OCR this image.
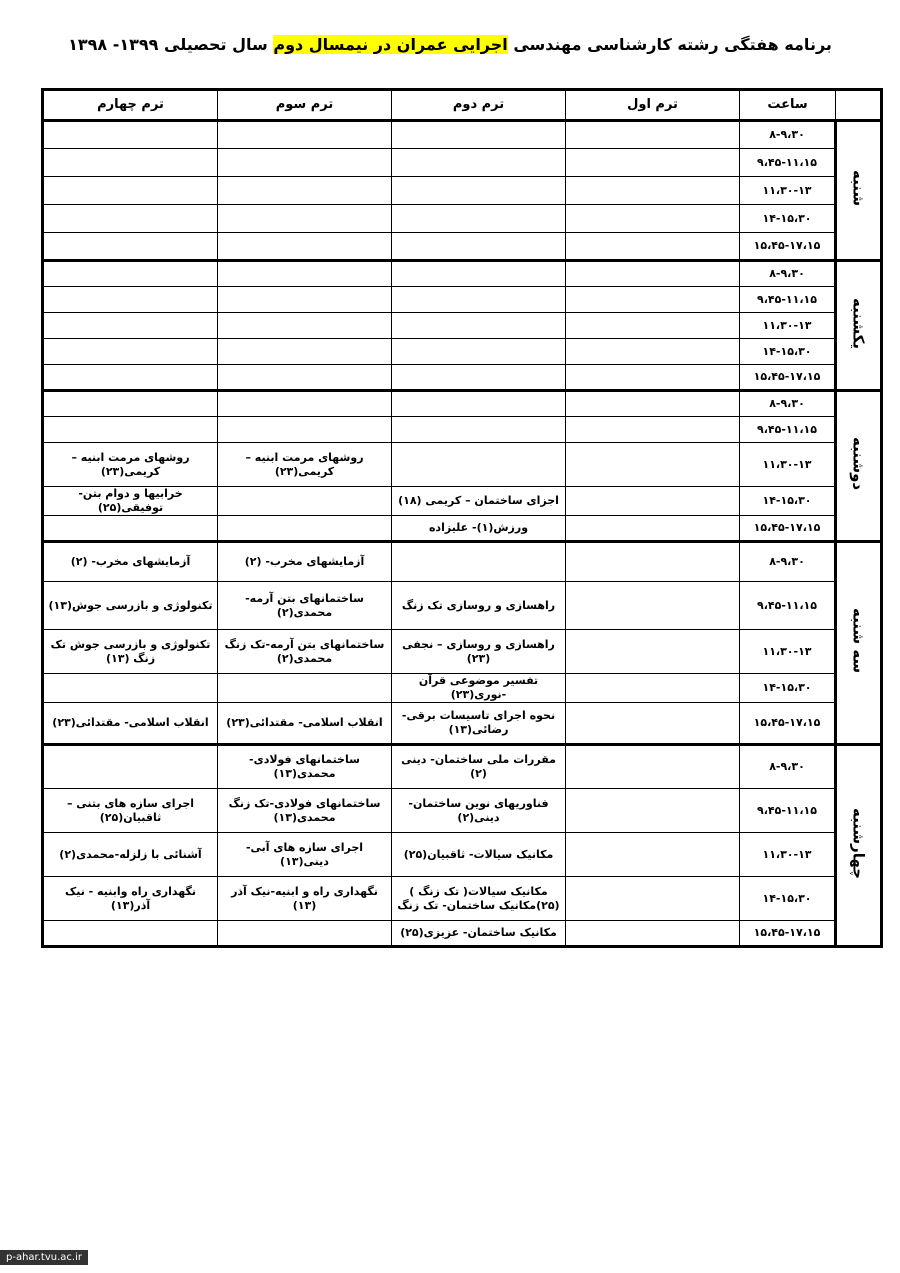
برنامه هفتگی رشته کارشناسی مهندسی اجرایی عمران در نیمسال دوم سال تحصیلی ۱۳۹۹- ۱۳۹۸
	ساعت	ترم اول	ترم دوم	ترم سوم	ترم چهارم
شنبه	۸-۹،۳۰				
	۹،۴۵-۱۱،۱۵				
	۱۱،۳۰-۱۳				
	۱۴-۱۵،۳۰				
	۱۵،۴۵-۱۷،۱۵				
یکشنبه	۸-۹،۳۰				
	۹،۴۵-۱۱،۱۵				
	۱۱،۳۰-۱۳				
	۱۴-۱۵،۳۰				
	۱۵،۴۵-۱۷،۱۵				
دوشنبه	۸-۹،۳۰				
	۹،۴۵-۱۱،۱۵				
	۱۱،۳۰-۱۳			روشهای مرمت ابنیه – کریمی(۲۳)	روشهای مرمت ابنیه – کریمی(۲۳)
	۱۴-۱۵،۳۰		اجزای ساختمان – کریمی (۱۸)		خرابیها و دوام بتن-توفیقی(۲۵)
	۱۵،۴۵-۱۷،۱۵		ورزش(۱)- علیزاده		
سه شنبه	۸-۹،۳۰			آزمایشهای مخرب- (۲)	آزمایشهای مخرب- (۲)
	۹،۴۵-۱۱،۱۵		راهسازی و روسازی تک زنگ	ساختمانهای بتن آرمه- محمدی(۲)	تکنولوژی و بازرسی جوش(۱۳)
	۱۱،۳۰-۱۳		راهسازی و روسازی – نجفی (۲۳)	ساختمانهای بتن آرمه-تک زنگ محمدی(۲)	تکنولوژی و بازرسی جوش تک زنگ (۱۳)
	۱۴-۱۵،۳۰		تفسیر موضوعی قرآن -نوری(۲۳)		
	۱۵،۴۵-۱۷،۱۵		نحوه اجرای تاسیسات برقی- رضائی(۱۳)	انقلاب اسلامی- مقتدائی(۲۳)	انقلاب اسلامی- مقتدائی(۲۳)
چهارشنبه	۸-۹،۳۰		مقررات ملی ساختمان- دینی (۲)	ساختمانهای فولادی- محمدی(۱۳)	
	۹،۴۵-۱۱،۱۵		فناوریهای نوین ساختمان- دینی(۲)	ساختمانهای فولادی-تک زنگ محمدی(۱۳)	اجرای سازه های بتنی – ثاقبیان(۲۵)
	۱۱،۳۰-۱۳		مکانیک سیالات- ثاقبیان(۲۵)	اجرای سازه های آبی-دینی(۱۳)	آشنائی با زلزله-محمدی(۲)
	۱۴-۱۵،۳۰		مکانیک سیالات( تک زنگ ) (۲۵)مکانیک ساختمان- تک زنگ	نگهداری راه و ابنیه-نیک آذر (۱۳)	نگهداری راه وابنیه - نیک آذر(۱۳)
	۱۵،۴۵-۱۷،۱۵		مکانیک ساختمان- عزیزی(۲۵)		
p-ahar.tvu.ac.ir
